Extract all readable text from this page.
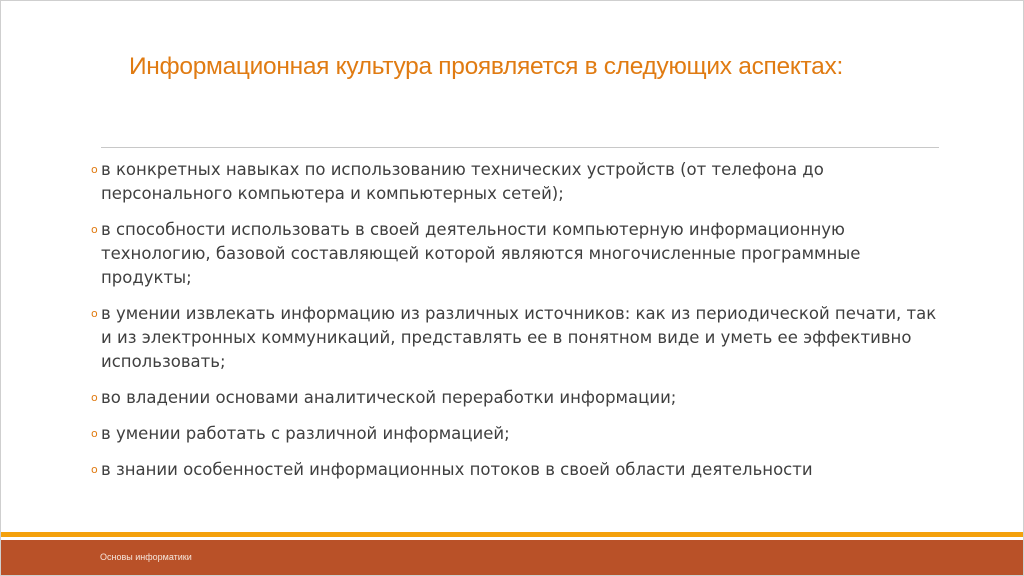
Информационная культура проявляется в следующих аспектах:
o в конкретных навыках по использованию технических устройств (от телефона до персонального компьютера и компьютерных сетей);
o в способности использовать в своей деятельности компьютерную информационную технологию, базовой составляющей которой являются многочисленные программные продукты;
o в умении извлекать информацию из различных источников: как из периодической печати, так и из электронных коммуникаций, представлять ее в понятном виде и уметь ее эффективно использовать;
o во владении основами аналитической переработки информации;
o в умении работать с различной информацией;
o в знании особенностей информационных потоков в своей области деятельности
Основы информатики
